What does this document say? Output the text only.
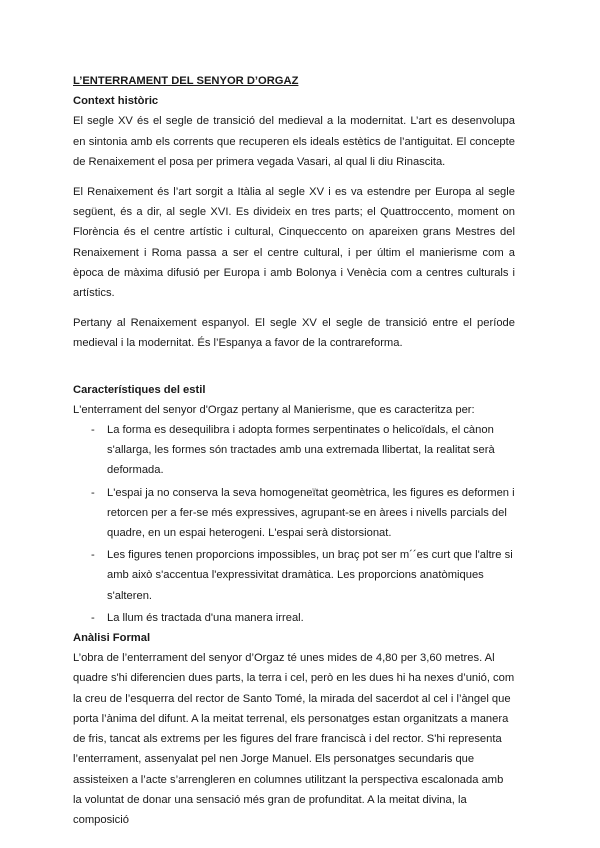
L’ENTERRAMENT DEL SENYOR D’ORGAZ
Context històric

El segle XV és el segle de transició del medieval a la modernitat. L’art es desenvolupa en sintonia amb els corrents que recuperen els ideals estètics de l’antiguitat. El concepte de Renaixement el posa per primera vegada Vasari, al qual li diu Rinascita.

El Renaixement és l’art sorgit a Itàlia al segle XV i es va estendre per Europa al segle següent, és a dir, al segle XVI. Es divideix en tres parts; el Quattroccento, moment on Florència és el centre artístic i cultural, Cinqueccento on apareixen grans Mestres del Renaixement i Roma passa a ser el centre cultural, i per últim el manierisme com a època de màxima difusió per Europa i amb Bolonya i Venècia com a centres culturals i artístics.

Pertany al Renaixement espanyol. El segle XV el segle de transició entre el període medieval i la modernitat. És l’Espanya a favor de la contrareforma.

Característiques del estil

L'enterrament del senyor d'Orgaz pertany al Manierisme, que es caracteritza per:

- La forma es desequilibra i adopta formes serpentinates o helicoïdals, el cànon s'allarga, les formes són tractades amb una extremada llibertat, la realitat serà deformada.
- L'espai ja no conserva la seva homogeneïtat geomètrica, les figures es deformen i retorcen per a fer-se més expressives, agrupant-se en àrees i nivells parcials del quadre, en un espai heterogeni. L'espai serà distorsionat.
- Les figures tenen proporcions impossibles, un braç pot ser m´´es curt que l'altre si amb això s'accentua l'expressivitat dramàtica. Les proporcions anatòmiques s'alteren.
- La llum és tractada d'una manera irreal.
Anàlisi Formal

L’obra de l’enterrament del senyor d’Orgaz té unes mides de 4,80 per 3,60 metres. Al quadre s'hi diferencien dues parts, la terra i cel, però en les dues hi ha nexes d’unió, com la creu de l’esquerra del rector de Santo Tomé, la mirada del sacerdot al cel i l’àngel que porta l’ànima del difunt. A la meitat terrenal, els personatges estan organitzats a manera de fris, tancat als extrems per les figures del frare franciscà i del rector. S'hi representa l’enterrament, assenyalat pel nen Jorge Manuel. Els personatges secundaris que assisteixen a l’acte s’arrengleren en columnes utilitzant la perspectiva escalonada amb la voluntat de donar una sensació més gran de profunditat. A la meitat divina, la composició
